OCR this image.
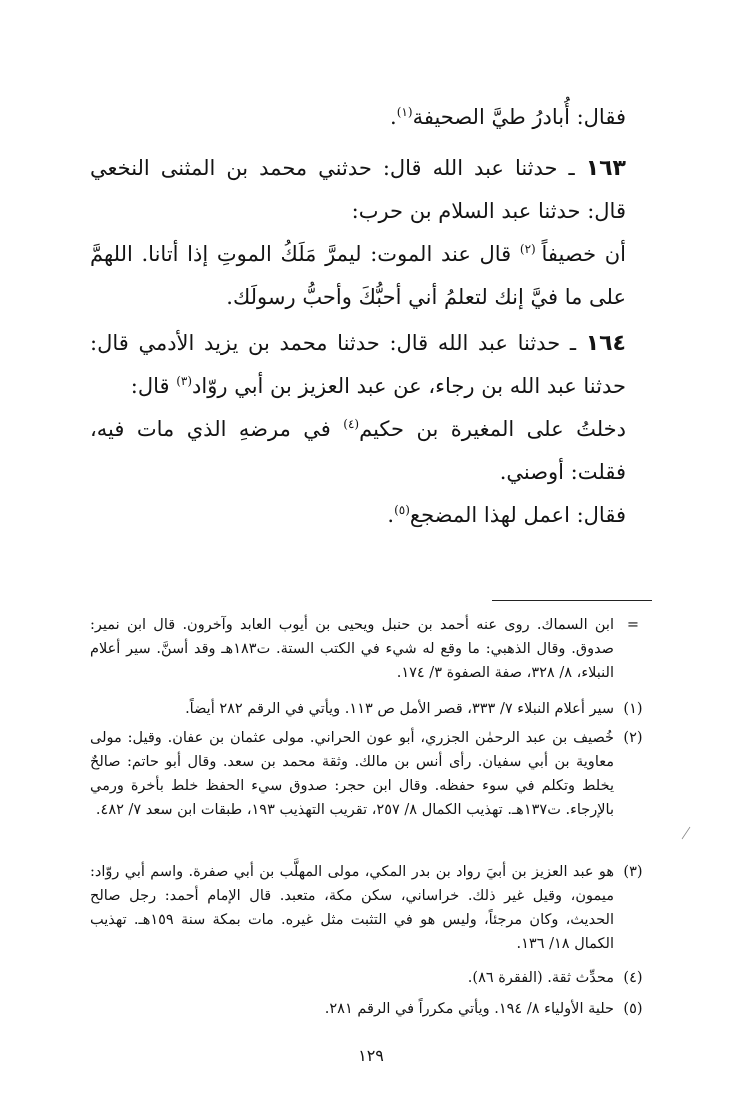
فقال: أُبادرُ طيَّ الصحيفة$^{(١)}$.

١٦٣ ـ حدثنا عبد الله قال: حدثني محمد بن المثنى النخعي قال: حدثنا عبد السلام بن حرب:

أن خصيفاً $^{(٢)}$ قال عند الموت: ليمرَّ مَلَكُ الموتِ إذا أتانا. اللهمَّ على ما فيَّ إنك لتعلمُ أني أحبُّكَ وأحبُّ رسولَك.

١٦٤ ـ حدثنا عبد الله قال: حدثنا محمد بن يزيد الأدمي قال: حدثنا عبد الله بن رجاء، عن عبد العزيز بن أبي روّاد$^{(٣)}$ قال:

دخلتُ على المغيرة بن حكيم$^{(٤)}$ في مرضهِ الذي مات فيه، فقلت: أوصني.

فقال: اعمل لهذا المضجع$^{(٥)}$.

=
ابن السماك. روى عنه أحمد بن حنبل ويحيى بن أيوب العابد وآخرون. قال ابن نمير: صدوق. وقال الذهبي: ما وقع له شيء في الكتب الستة. ت١٨٣هـ وقد أسنَّ. سير أعلام النبلاء، ٨/ ٣٢٨، صفة الصفوة ٣/ ١٧٤.
(١)
سير أعلام النبلاء ٧/ ٣٣٣، قصر الأمل ص ١١٣. ويأتي في الرقم ٢٨٢ أيضاً.
(٢)
خُصيف بن عبد الرحمٰن الجزري، أبو عون الحراني. مولى عثمان بن عفان. وقيل: مولى معاوية بن أبي سفيان. رأى أنس بن مالك. وثقة محمد بن سعد. وقال أبو حاتم: صالحٌ يخلط وتكلم في سوء حفظه. وقال ابن حجر: صدوق سيء الحفظ خلط بأخرة ورمي بالإرجاء. ت١٣٧هـ. تهذيب الكمال ٨/ ٢٥٧، تقريب التهذيب ١٩٣، طبقات ابن سعد ٧/ ٤٨٢.
(٣)
هو عبد العزيز بن أبيَ رواد بن بدر المكي، مولى المهلَّب بن أبي صفرة. واسم أبي روّاد: ميمون، وقيل غير ذلك. خراساني، سكن مكة، متعبد. قال الإمام أحمد: رجل صالح الحديث، وكان مرجئاً، وليس هو في التثبت مثل غيره. مات بمكة سنة ١٥٩هـ. تهذيب الكمال ١٨/ ١٣٦.
(٤)
محدِّث ثقة. (الفقرة ٨٦).
(٥)
حلية الأولياء ٨/ ١٩٤. ويأتي مكرراً في الرقم ٢٨١.
١٢٩
